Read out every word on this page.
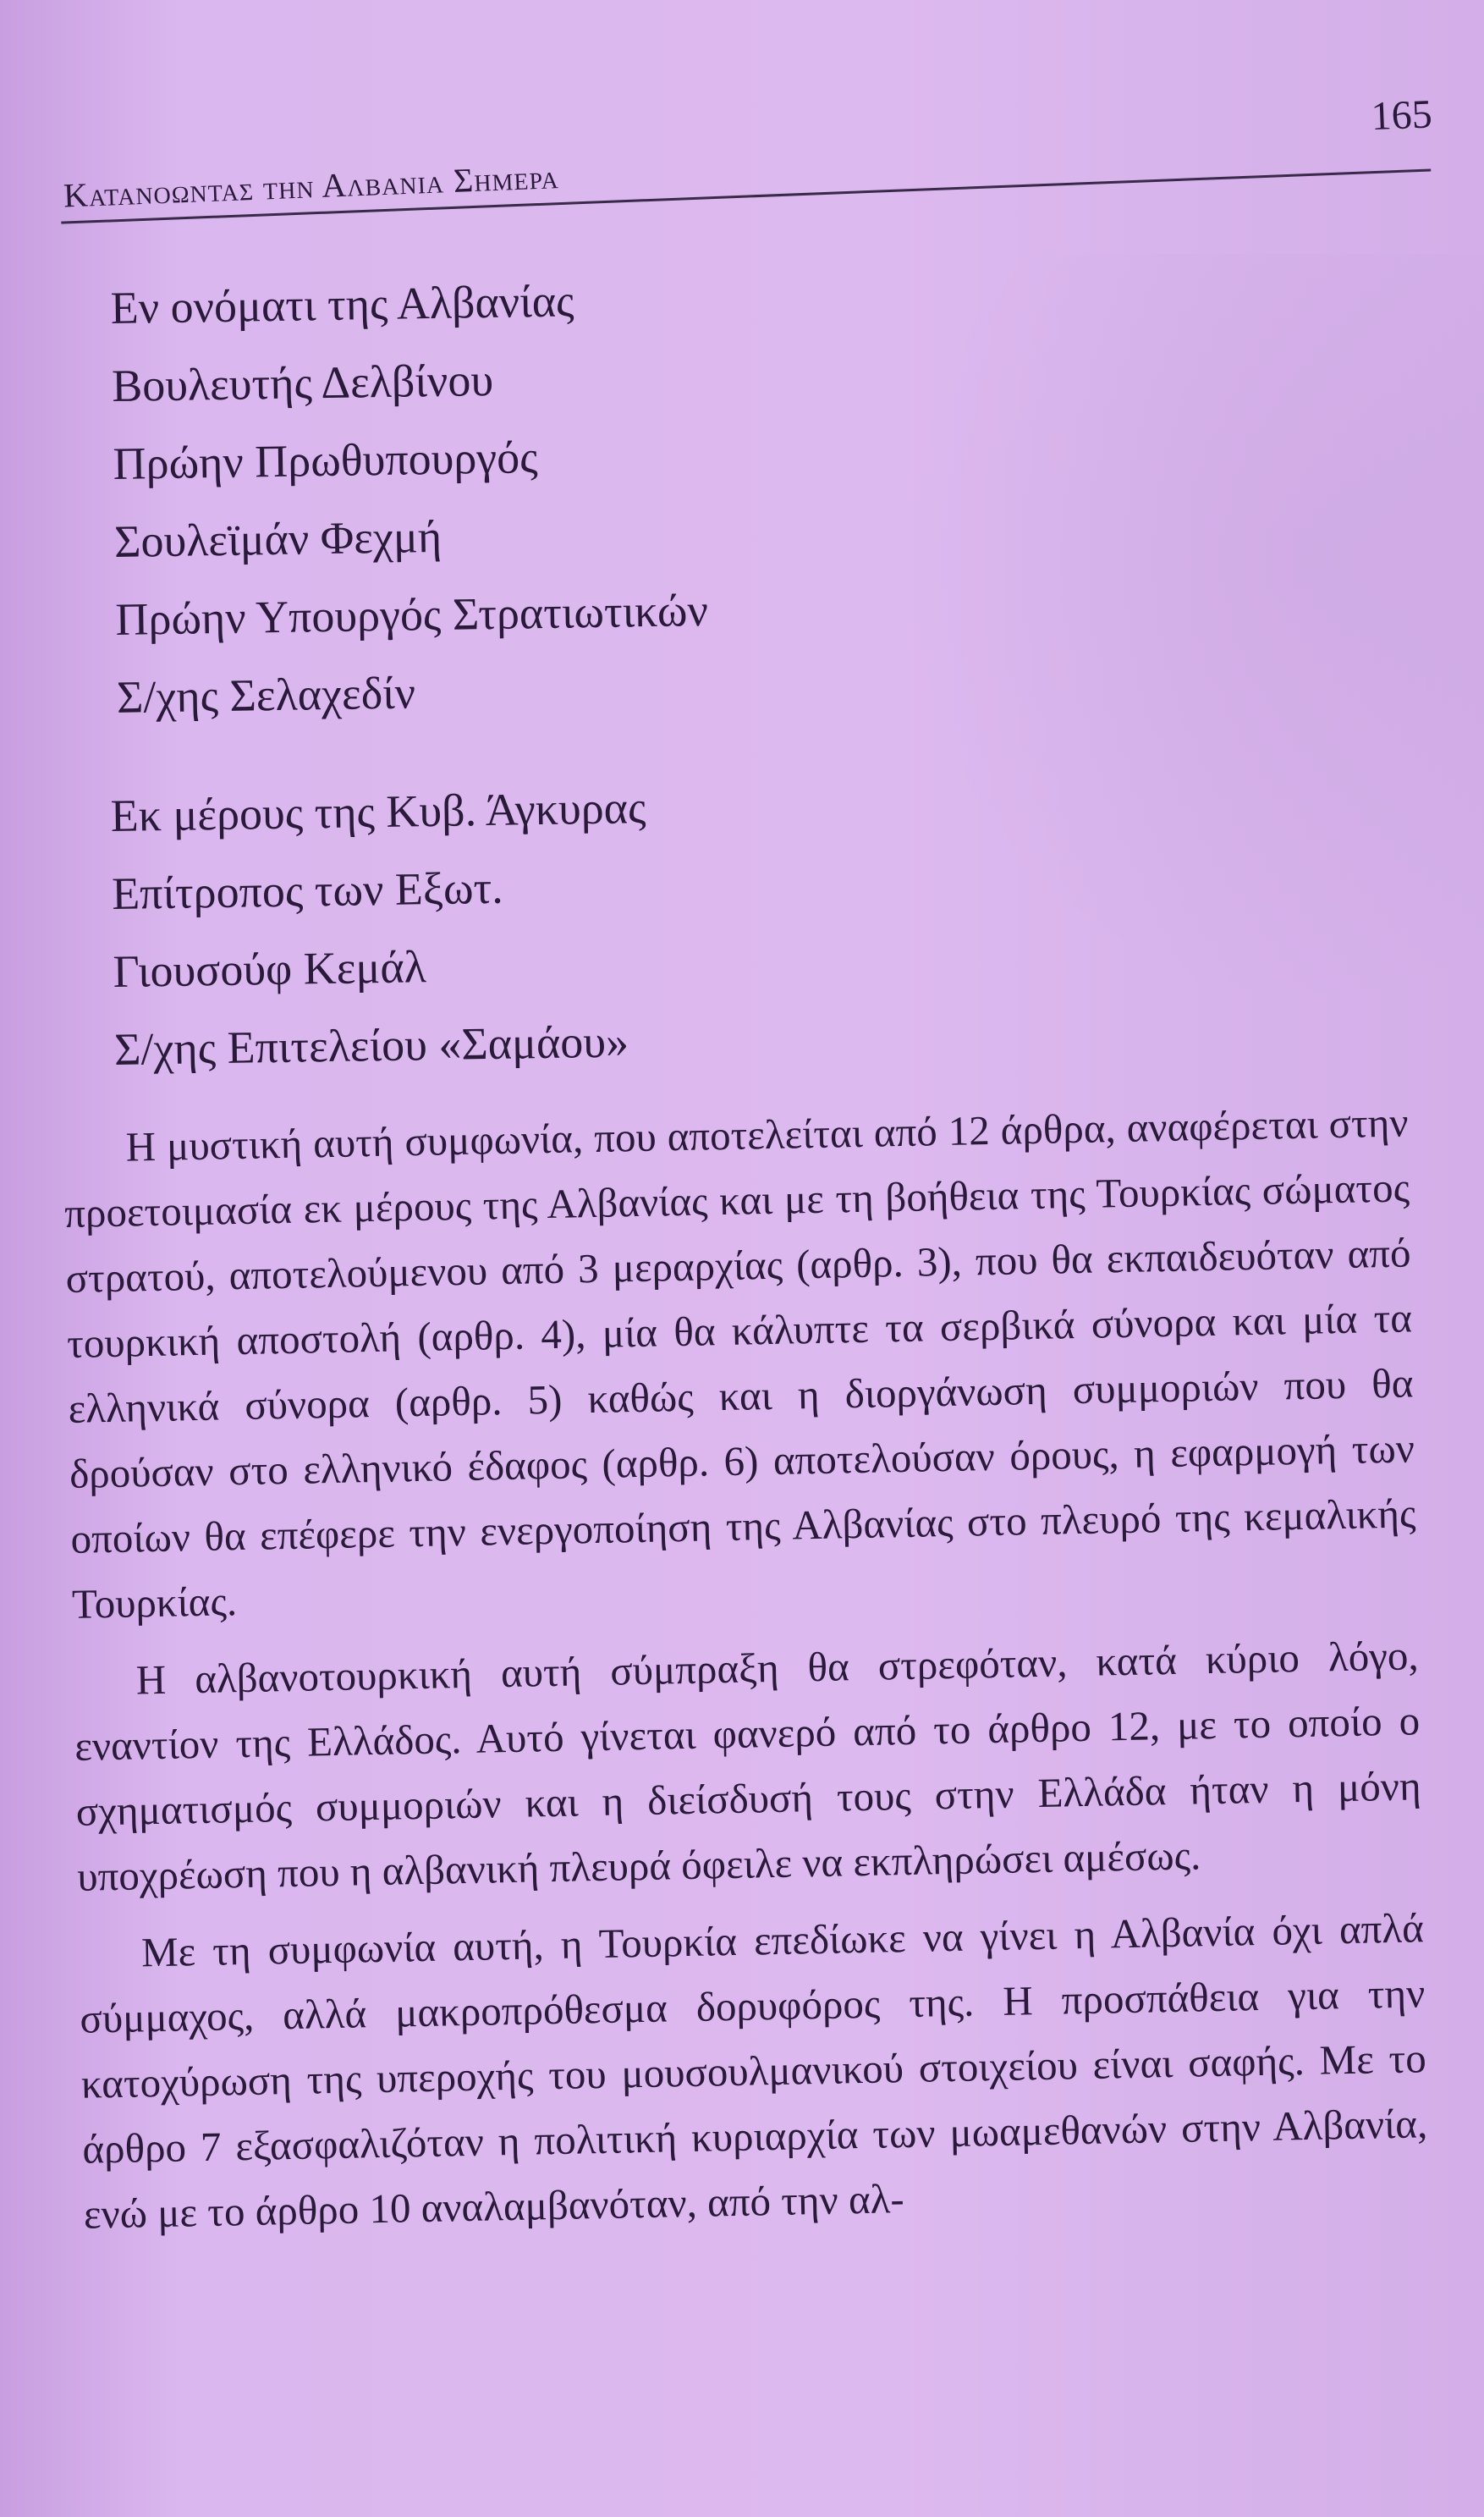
Κατανοωντασ την Αλβανια Σημερα
165
Εν ονόματι της Αλβανίας
Βουλευτής Δελβίνου
Πρώην Πρωθυπουργός
Σουλεϊμάν Φεχμή
Πρώην Υπουργός Στρατιωτικών
Σ/χης Σελαχεδίν
Εκ μέρους της Κυβ. Άγκυρας
Επίτροπος των Εξωτ.
Γιουσούφ Κεμάλ
Σ/χης Επιτελείου «Σαμάου»

Η μυστική αυτή συμφωνία, που αποτελείται από 12 άρθρα, αναφέρεται στην προετοιμασία εκ μέρους της Αλβανίας και με τη βοήθεια της Τουρκίας σώματος στρατού, αποτελούμενου από 3 μεραρχίας (αρθρ. 3), που θα εκπαιδευόταν από τουρκική αποστολή (αρθρ. 4), μία θα κάλυπτε τα σερβικά σύνορα και μία τα ελληνικά σύνορα (αρθρ. 5) καθώς και η διοργάνωση συμμοριών που θα δρούσαν στο ελληνικό έδαφος (αρθρ. 6) αποτελούσαν όρους, η εφαρμογή των οποίων θα επέφερε την ενεργοποίηση της Αλβανίας στο πλευρό της κεμαλικής Τουρκίας.

Η αλβανοτουρκική αυτή σύμπραξη θα στρεφόταν, κατά κύριο λόγο, εναντίον της Ελλάδος. Αυτό γίνεται φανερό από το άρθρο 12, με το οποίο ο σχηματισμός συμμοριών και η διείσδυσή τους στην Ελλάδα ήταν η μόνη υποχρέωση που η αλβανική πλευρά όφειλε να εκπληρώσει αμέσως.

Με τη συμφωνία αυτή, η Τουρκία επεδίωκε να γίνει η Αλβανία όχι απλά σύμμαχος, αλλά μακροπρόθεσμα δορυφόρος της. Η προσπάθεια για την κατοχύρωση της υπεροχής του μουσουλμανικού στοιχείου είναι σαφής. Με το άρθρο 7 εξασφαλιζόταν η πολιτική κυριαρχία των μωαμεθανών στην Αλβανία, ενώ με το άρθρο 10 αναλαμβανόταν, από την αλ-
